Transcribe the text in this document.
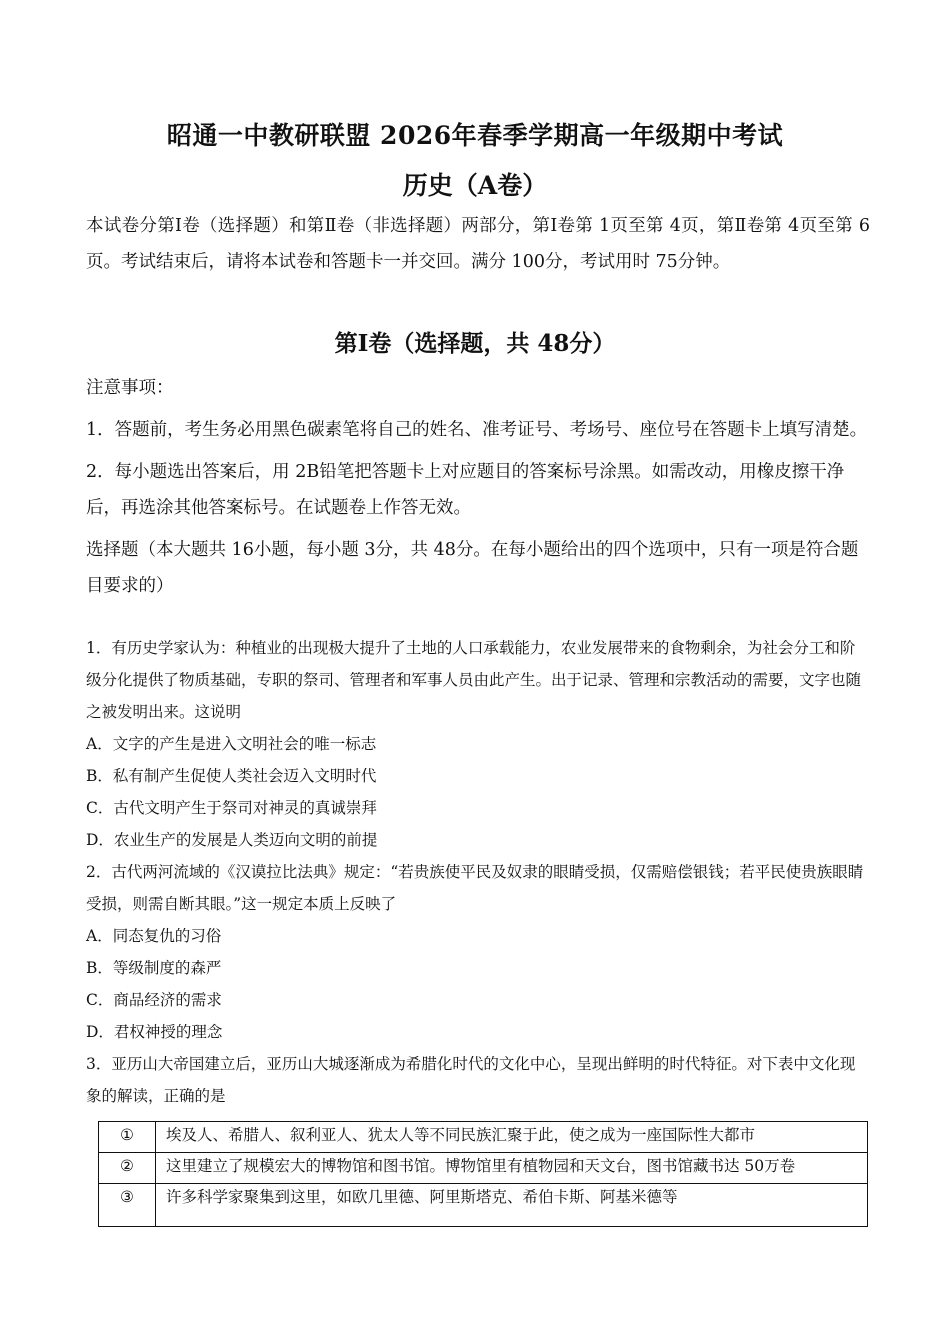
昭通一中教研联盟 2026年春季学期高一年级期中考试
历史（A卷）
本试卷分第Ⅰ卷（选择题）和第Ⅱ卷（非选择题）两部分，第Ⅰ卷第 1页至第 4页，第Ⅱ卷第 4页至第 6页。考试结束后，请将本试卷和答题卡一并交回。满分 100分，考试用时 75分钟。
第Ⅰ卷（选择题，共 48分）

注意事项：

1．答题前，考生务必用黑色碳素笔将自己的姓名、准考证号、考场号、座位号在答题卡上填写清楚。

2．每小题选出答案后，用 2B铅笔把答题卡上对应题目的答案标号涂黑。如需改动，用橡皮擦干净后，再选涂其他答案标号。在试题卷上作答无效。

选择题（本大题共 16小题，每小题 3分，共 48分。在每小题给出的四个选项中，只有一项是符合题目要求的）

1．有历史学家认为：种植业的出现极大提升了土地的人口承载能力，农业发展带来的食物剩余，为社会分工和阶级分化提供了物质基础，专职的祭司、管理者和军事人员由此产生。出于记录、管理和宗教活动的需要，文字也随之被发明出来。这说明

A．文字的产生是进入文明社会的唯一标志

B．私有制产生促使人类社会迈入文明时代

C．古代文明产生于祭司对神灵的真诚崇拜

D．农业生产的发展是人类迈向文明的前提

2．古代两河流域的《汉谟拉比法典》规定：“若贵族使平民及奴隶的眼睛受损，仅需赔偿银钱；若平民使贵族眼睛受损，则需自断其眼。”这一规定本质上反映了

A．同态复仇的习俗

B．等级制度的森严

C．商品经济的需求

D．君权神授的理念

3．亚历山大帝国建立后，亚历山大城逐渐成为希腊化时代的文化中心，呈现出鲜明的时代特征。对下表中文化现象的解读，正确的是

①	埃及人、希腊人、叙利亚人、犹太人等不同民族汇聚于此，使之成为一座国际性大都市
②	这里建立了规模宏大的博物馆和图书馆。博物馆里有植物园和天文台，图书馆藏书达 50万卷
③	许多科学家聚集到这里，如欧几里德、阿里斯塔克、希伯卡斯、阿基米德等
